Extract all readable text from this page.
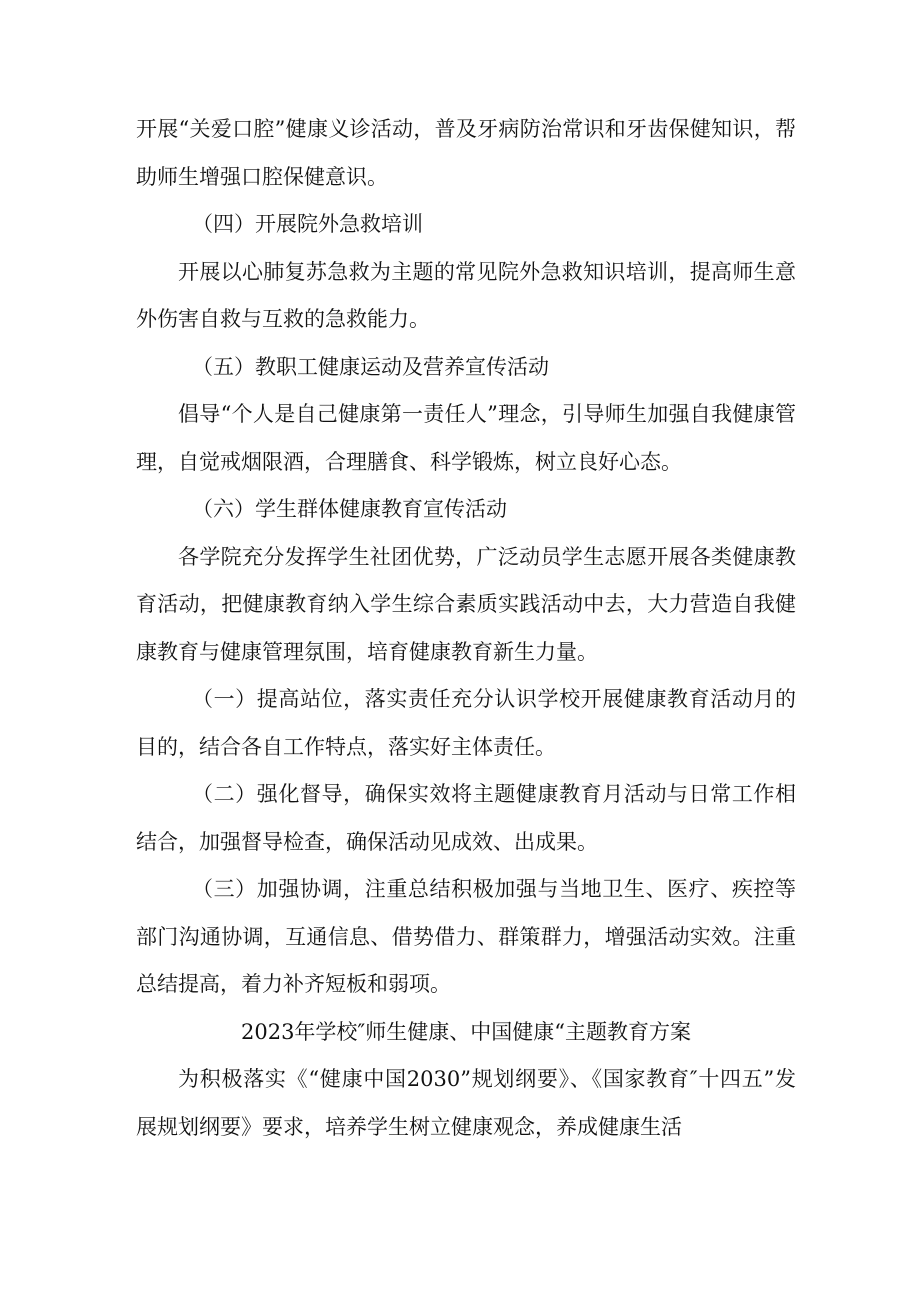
开展“关爱口腔”健康义诊活动，普及牙病防治常识和牙齿保健知识，帮助师生增强口腔保健意识。

（四）开展院外急救培训

开展以心肺复苏急救为主题的常见院外急救知识培训，提高师生意外伤害自救与互救的急救能力。

（五）教职工健康运动及营养宣传活动

倡导“个人是自己健康第一责任人”理念，引导师生加强自我健康管理，自觉戒烟限酒，合理膳食、科学锻炼，树立良好心态。

（六）学生群体健康教育宣传活动

各学院充分发挥学生社团优势，广泛动员学生志愿开展各类健康教育活动，把健康教育纳入学生综合素质实践活动中去，大力营造自我健康教育与健康管理氛围，培育健康教育新生力量。

（一）提高站位，落实责任充分认识学校开展健康教育活动月的目的，结合各自工作特点，落实好主体责任。

（二）强化督导，确保实效将主题健康教育月活动与日常工作相结合，加强督导检查，确保活动见成效、出成果。

（三）加强协调，注重总结积极加强与当地卫生、医疗、疾控等部门沟通协调，互通信息、借势借力、群策群力，增强活动实效。注重总结提高，着力补齐短板和弱项。

2023年学校″师生健康、中国健康“主题教育方案

为积极落实《“健康中国2030”规划纲要》、《国家教育″十四五”发展规划纲要》要求，培养学生树立健康观念，养成健康生活
